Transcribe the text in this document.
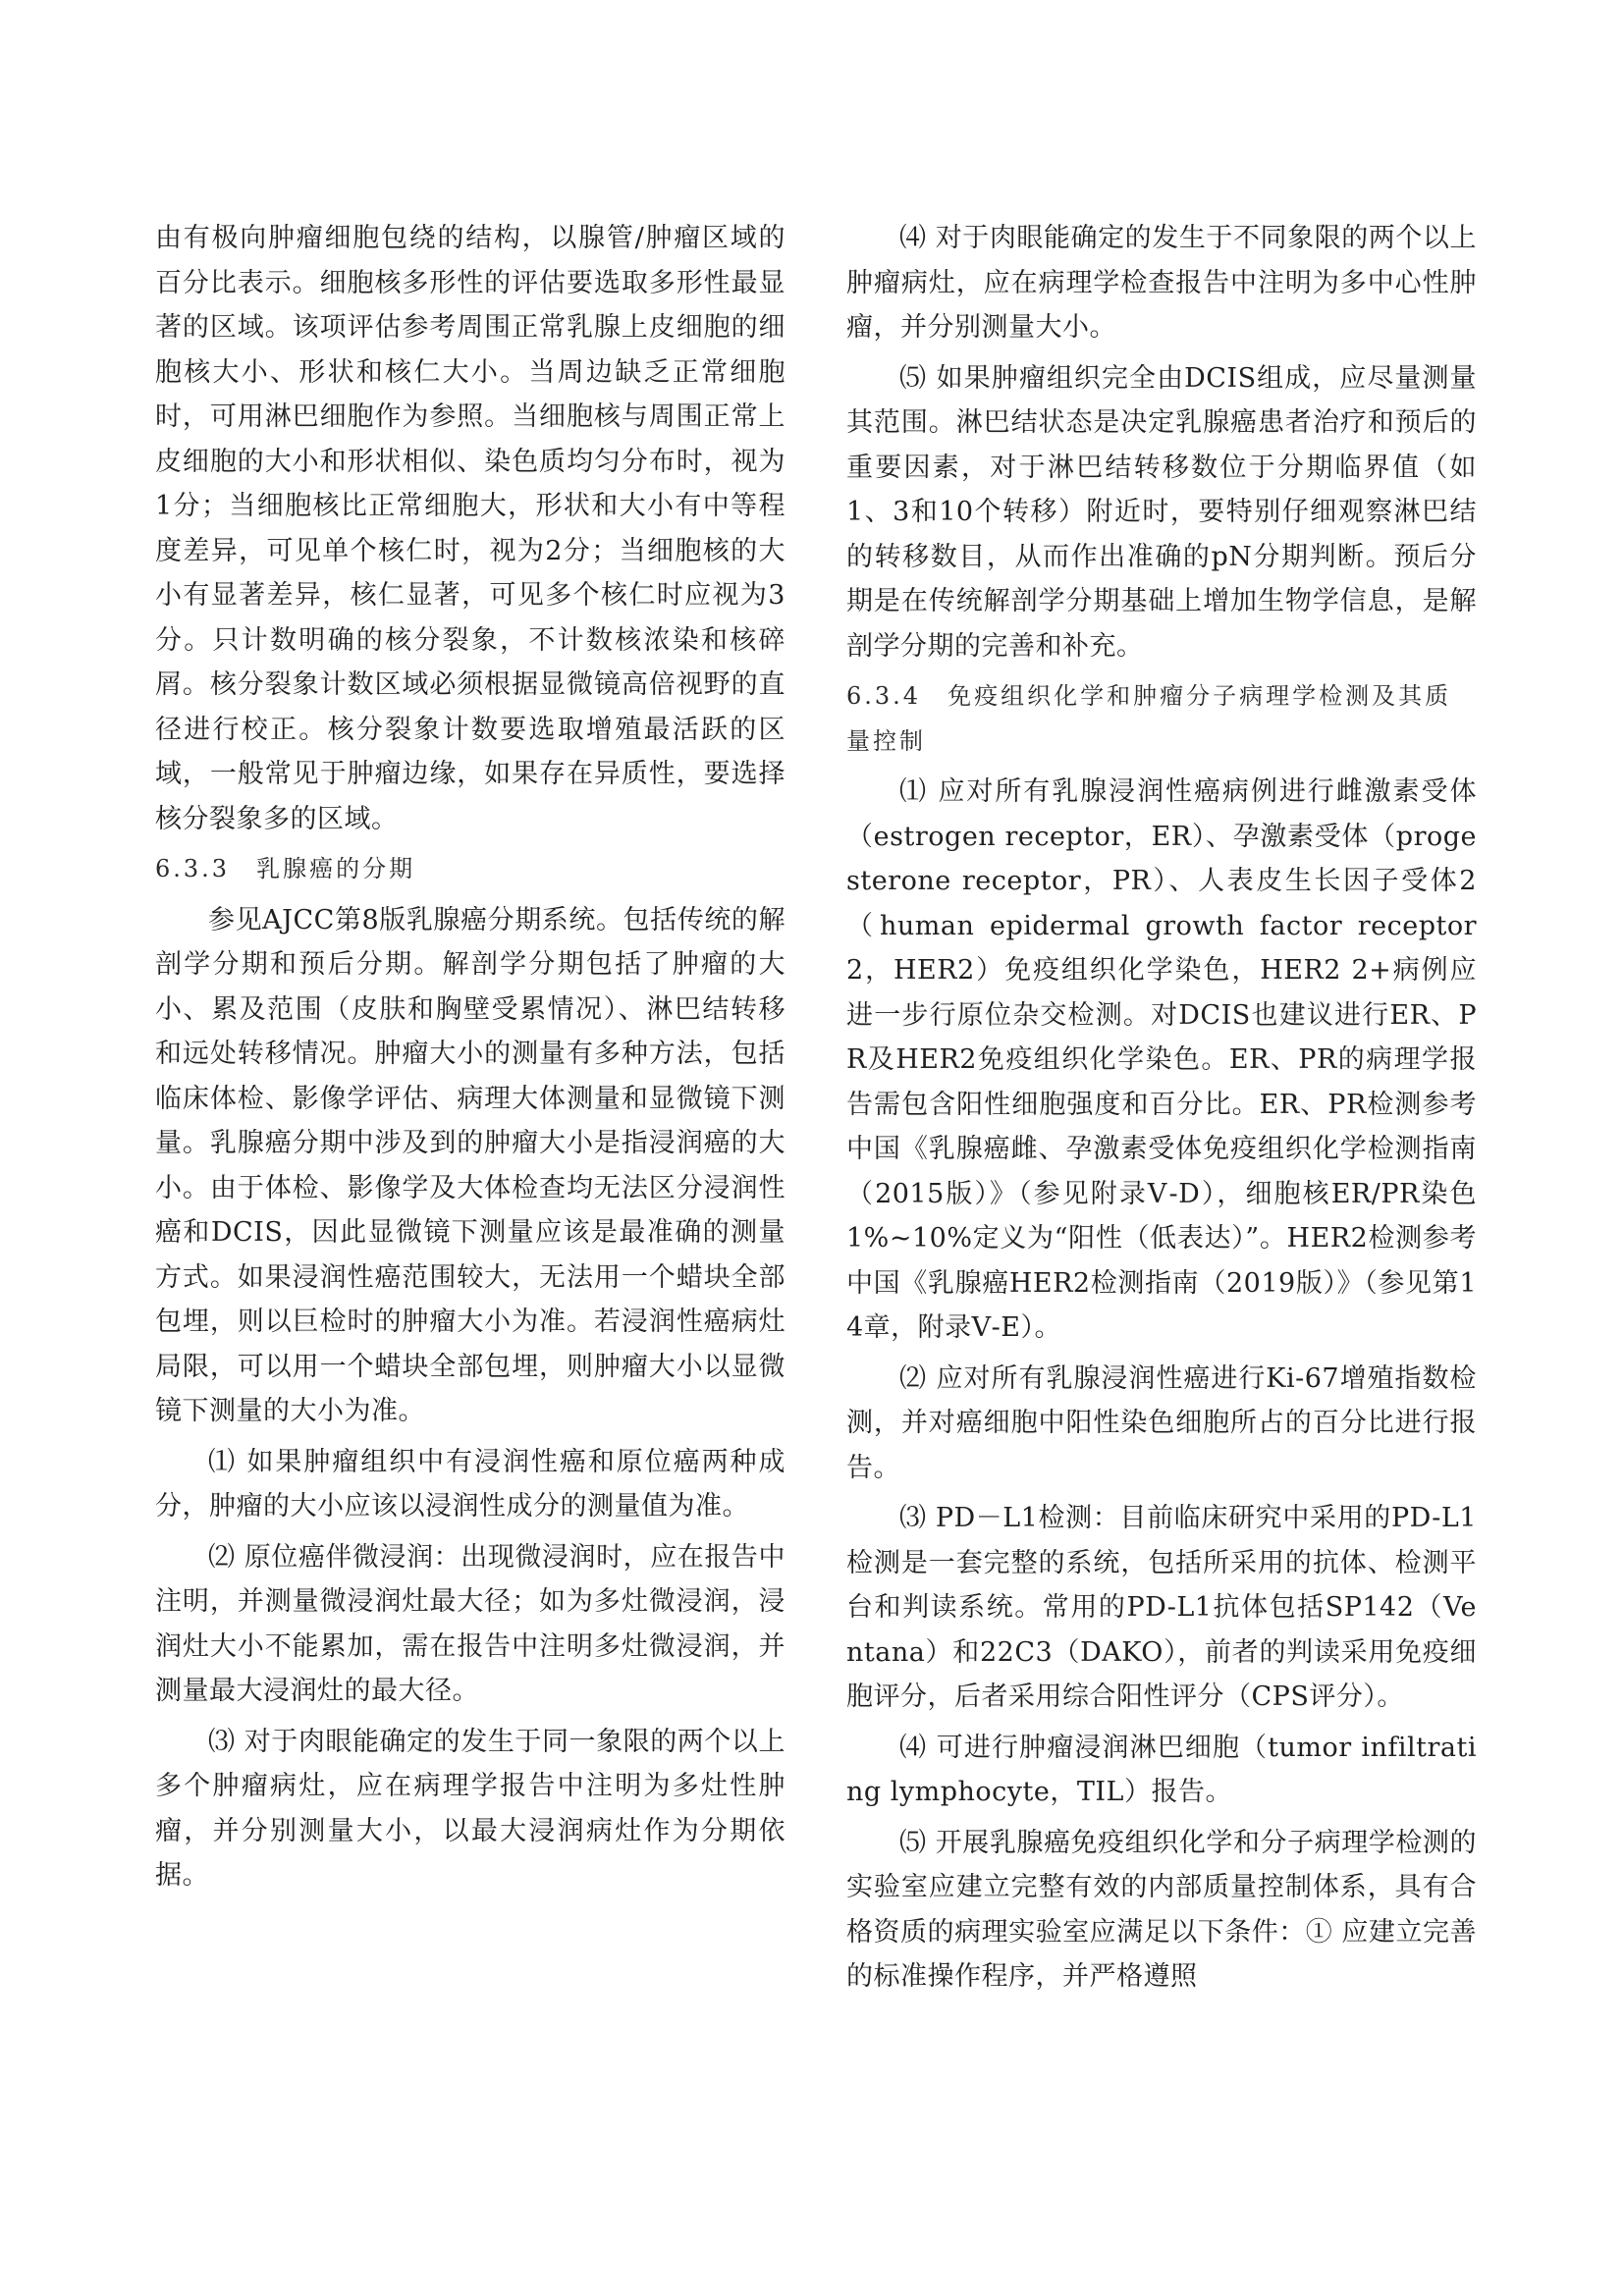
由有极向肿瘤细胞包绕的结构，以腺管/肿瘤区域的百分比表示。细胞核多形性的评估要选取多形性最显著的区域。该项评估参考周围正常乳腺上皮细胞的细胞核大小、形状和核仁大小。当周边缺乏正常细胞时，可用淋巴细胞作为参照。当细胞核与周围正常上皮细胞的大小和形状相似、染色质均匀分布时，视为1分；当细胞核比正常细胞大，形状和大小有中等程度差异，可见单个核仁时，视为2分；当细胞核的大小有显著差异，核仁显著，可见多个核仁时应视为3分。只计数明确的核分裂象，不计数核浓染和核碎屑。核分裂象计数区域必须根据显微镜高倍视野的直径进行校正。核分裂象计数要选取增殖最活跃的区域，一般常见于肿瘤边缘，如果存在异质性，要选择核分裂象多的区域。

6.3.3　乳腺癌的分期

参见AJCC第8版乳腺癌分期系统。包括传统的解剖学分期和预后分期。解剖学分期包括了肿瘤的大小、累及范围（皮肤和胸壁受累情况）、淋巴结转移和远处转移情况。肿瘤大小的测量有多种方法，包括临床体检、影像学评估、病理大体测量和显微镜下测量。乳腺癌分期中涉及到的肿瘤大小是指浸润癌的大小。由于体检、影像学及大体检查均无法区分浸润性癌和DCIS，因此显微镜下测量应该是最准确的测量方式。如果浸润性癌范围较大，无法用一个蜡块全部包埋，则以巨检时的肿瘤大小为准。若浸润性癌病灶局限，可以用一个蜡块全部包埋，则肿瘤大小以显微镜下测量的大小为准。

⑴ 如果肿瘤组织中有浸润性癌和原位癌两种成分，肿瘤的大小应该以浸润性成分的测量值为准。

⑵ 原位癌伴微浸润：出现微浸润时，应在报告中注明，并测量微浸润灶最大径；如为多灶微浸润，浸润灶大小不能累加，需在报告中注明多灶微浸润，并测量最大浸润灶的最大径。

⑶ 对于肉眼能确定的发生于同一象限的两个以上多个肿瘤病灶，应在病理学报告中注明为多灶性肿瘤，并分别测量大小，以最大浸润病灶作为分期依据。

⑷ 对于肉眼能确定的发生于不同象限的两个以上肿瘤病灶，应在病理学检查报告中注明为多中心性肿瘤，并分别测量大小。

⑸ 如果肿瘤组织完全由DCIS组成，应尽量测量其范围。淋巴结状态是决定乳腺癌患者治疗和预后的重要因素，对于淋巴结转移数位于分期临界值（如1、3和10个转移）附近时，要特别仔细观察淋巴结的转移数目，从而作出准确的pN分期判断。预后分期是在传统解剖学分期基础上增加生物学信息，是解剖学分期的完善和补充。

6.3.4　免疫组织化学和肿瘤分子病理学检测及其质量控制

⑴ 应对所有乳腺浸润性癌病例进行雌激素受体（estrogen receptor，ER）、孕激素受体（progesterone receptor，PR）、人表皮生长因子受体2（human epidermal growth factor receptor 2，HER2）免疫组织化学染色，HER2 2+病例应进一步行原位杂交检测。对DCIS也建议进行ER、PR及HER2免疫组织化学染色。ER、PR的病理学报告需包含阳性细胞强度和百分比。ER、PR检测参考中国《乳腺癌雌、孕激素受体免疫组织化学检测指南（2015版）》（参见附录Ⅴ-D），细胞核ER/PR染色1%~10%定义为“阳性（低表达）”。HER2检测参考中国《乳腺癌HER2检测指南（2019版）》（参见第14章，附录Ⅴ-E）。

⑵ 应对所有乳腺浸润性癌进行Ki-67增殖指数检测，并对癌细胞中阳性染色细胞所占的百分比进行报告。

⑶ PD－L1检测：目前临床研究中采用的PD-L1检测是一套完整的系统，包括所采用的抗体、检测平台和判读系统。常用的PD-L1抗体包括SP142（Ventana）和22C3（DAKO），前者的判读采用免疫细胞评分，后者采用综合阳性评分（CPS评分）。

⑷ 可进行肿瘤浸润淋巴细胞（tumor infiltrating lymphocyte，TIL）报告。

⑸ 开展乳腺癌免疫组织化学和分子病理学检测的实验室应建立完整有效的内部质量控制体系，具有合格资质的病理实验室应满足以下条件：① 应建立完善的标准操作程序，并严格遵照
